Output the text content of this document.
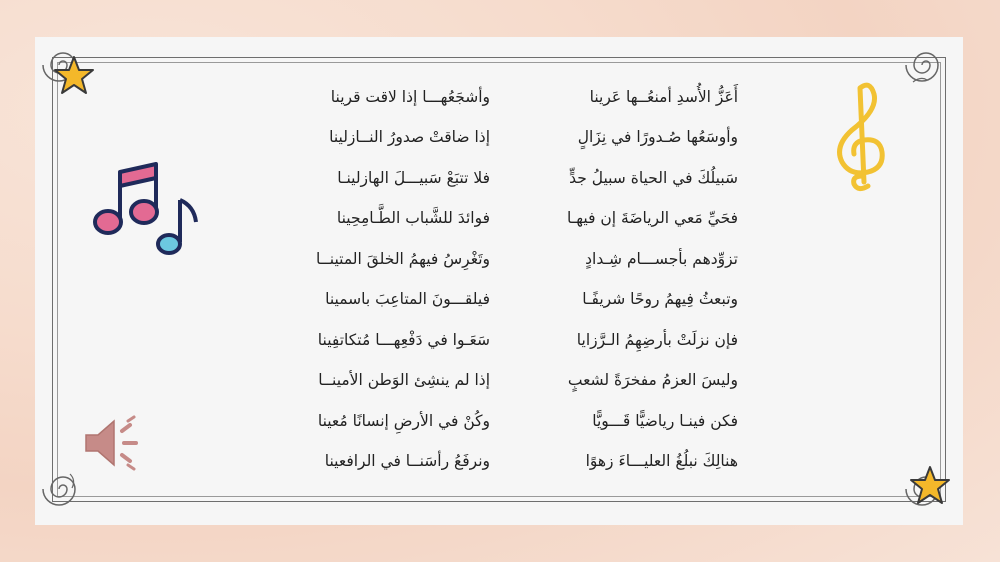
أَعَزُّ الأُسدِ أمنعُــها عَرينا
وأشجَعُهـــا إذا لاقت قرينا
وأوسَعُها صُـدورًا في نِزَالٍ
إذا ضاقتْ صدورُ النــازلينا
سَبيلُكَ في الحياة سبيلُ جدٍّ
فلا تتبَعْ سَبيـــلَ الهازلينـا
فحَيِّ مَعي الرياضَةَ إن فيهـا
فوائدَ للشَّباب الطَّـامِحِينا
تزوِّدهم بأجســـام شِـدادٍ
وتَغْرِسُ فيهمُ الخلقَ المتينــا
وتبعثُ فِيهمُ روحًا شريفًـا
فيلقـــونَ المتاعِبَ باسمينا
فإن نزلَتْ بأرضِهِمُ الـرَّزايا
سَعَـوا في دَفْعِهـــا مُتكاتفِينا
وليسَ العزمُ مفخرَةً لشعبٍ
إذا لم ينشِئ الوَطن الأمينــا
فكن فينـا رياضيًّا قَـــويًّا
وكُنْ في الأرضِ إنسانًا مُعينا
هنالِكَ نبلُغُ العليـــاءَ زهوًا
ونرفَعُ رأسَنــا في الرافعينا
